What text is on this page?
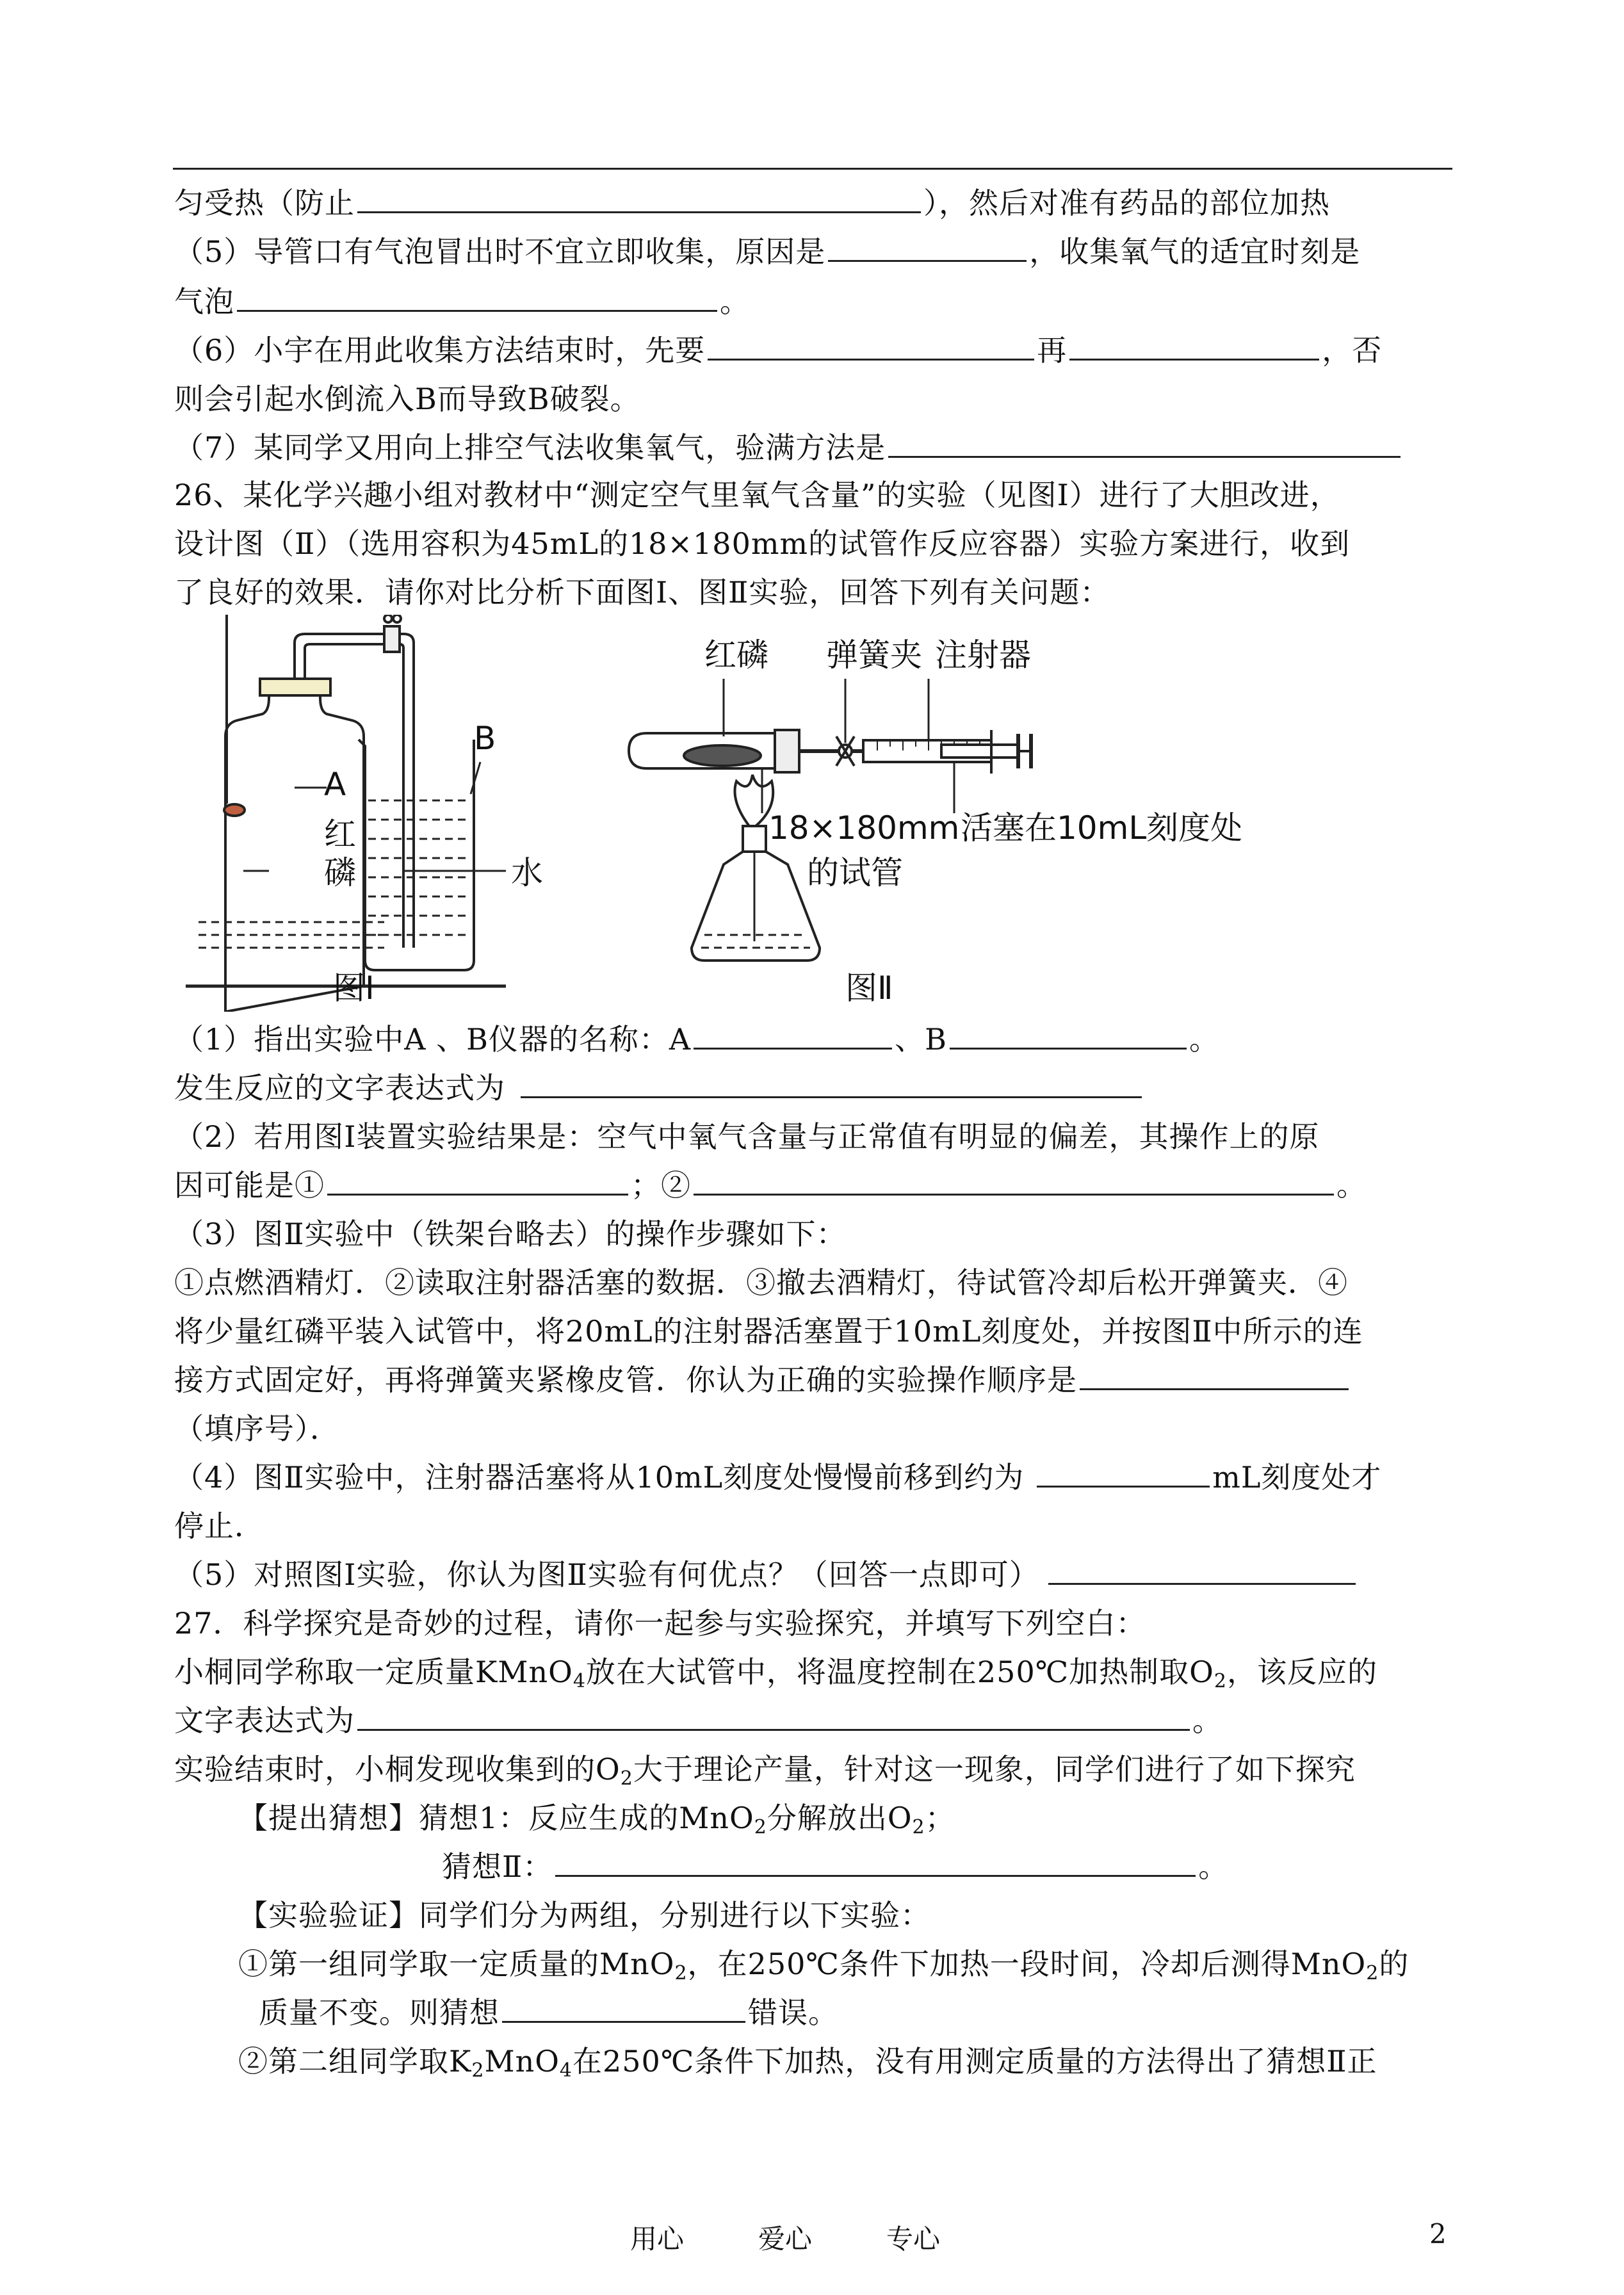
匀受热（防止	），然后对准有药品的部位加热
（5）导管口有气泡冒出时不宜立即收集，原因是	，收集氧气的适宜时刻是
气泡	。
（6）小宇在用此收集方法结束时，先要	再	，否
则会引起水倒流入B而导致B破裂。
（7）某同学又用向上排空气法收集氧气，验满方法是
26、某化学兴趣小组对教材中“测定空气里氧气含量”的实验（见图I）进行了大胆改进，
设计图（Ⅱ）（选用容积为45mL的18×180mm的试管作反应容器）实验方案进行，收到
了良好的效果．请你对比分析下面图I、图Ⅱ实验，回答下列有关问题：
A
B
红
磷	水
图I
红磷 弹簧夹 注射器
18×180mm
的试管
活塞在10mL刻度处
图Ⅱ
（1）指出实验中A 、B仪器的名称：A	、B	。
发生反应的文字表达式为
（2）若用图I装置实验结果是：空气中氧气含量与正常值有明显的偏差，其操作上的原
因可能是①	；②	。
（3）图Ⅱ实验中（铁架台略去）的操作步骤如下：
①点燃酒精灯．②读取注射器活塞的数据．③撤去酒精灯，待试管冷却后松开弹簧夹．④
将少量红磷平装入试管中，将20mL的注射器活塞置于10mL刻度处，并按图Ⅱ中所示的连
接方式固定好，再将弹簧夹紧橡皮管．你认为正确的实验操作顺序是
（填序号）．
（4）图Ⅱ实验中，注射器活塞将从10mL刻度处慢慢前移到约为	mL刻度处才
停止．
（5）对照图I实验，你认为图Ⅱ实验有何优点？（回答一点即可）
27．科学探究是奇妙的过程，请你一起参与实验探究，并填写下列空白：
小桐同学称取一定质量KMnO$_4$放在大试管中，将温度控制在250℃加热制取$O_2$，该反应的
文字表达式为	。
实验结束时，小桐发现收集到的$O_2$大于理论产量，针对这一现象，同学们进行了如下探究
【提出猜想】猜想1：反应生成的MnO$_2$分解放出$O_2$；
猜想Ⅱ：	。
【实验验证】同学们分为两组，分别进行以下实验：
①第一组同学取一定质量的MnO$_2$，在250℃条件下加热一段时间，冷却后测得MnO$_2$的
质量不变。则猜想	错误。
②第二组同学取$K_2MnO_4$在250℃条件下加热，没有用测定质量的方法得出了猜想Ⅱ正
用心	爱心	专心	2
